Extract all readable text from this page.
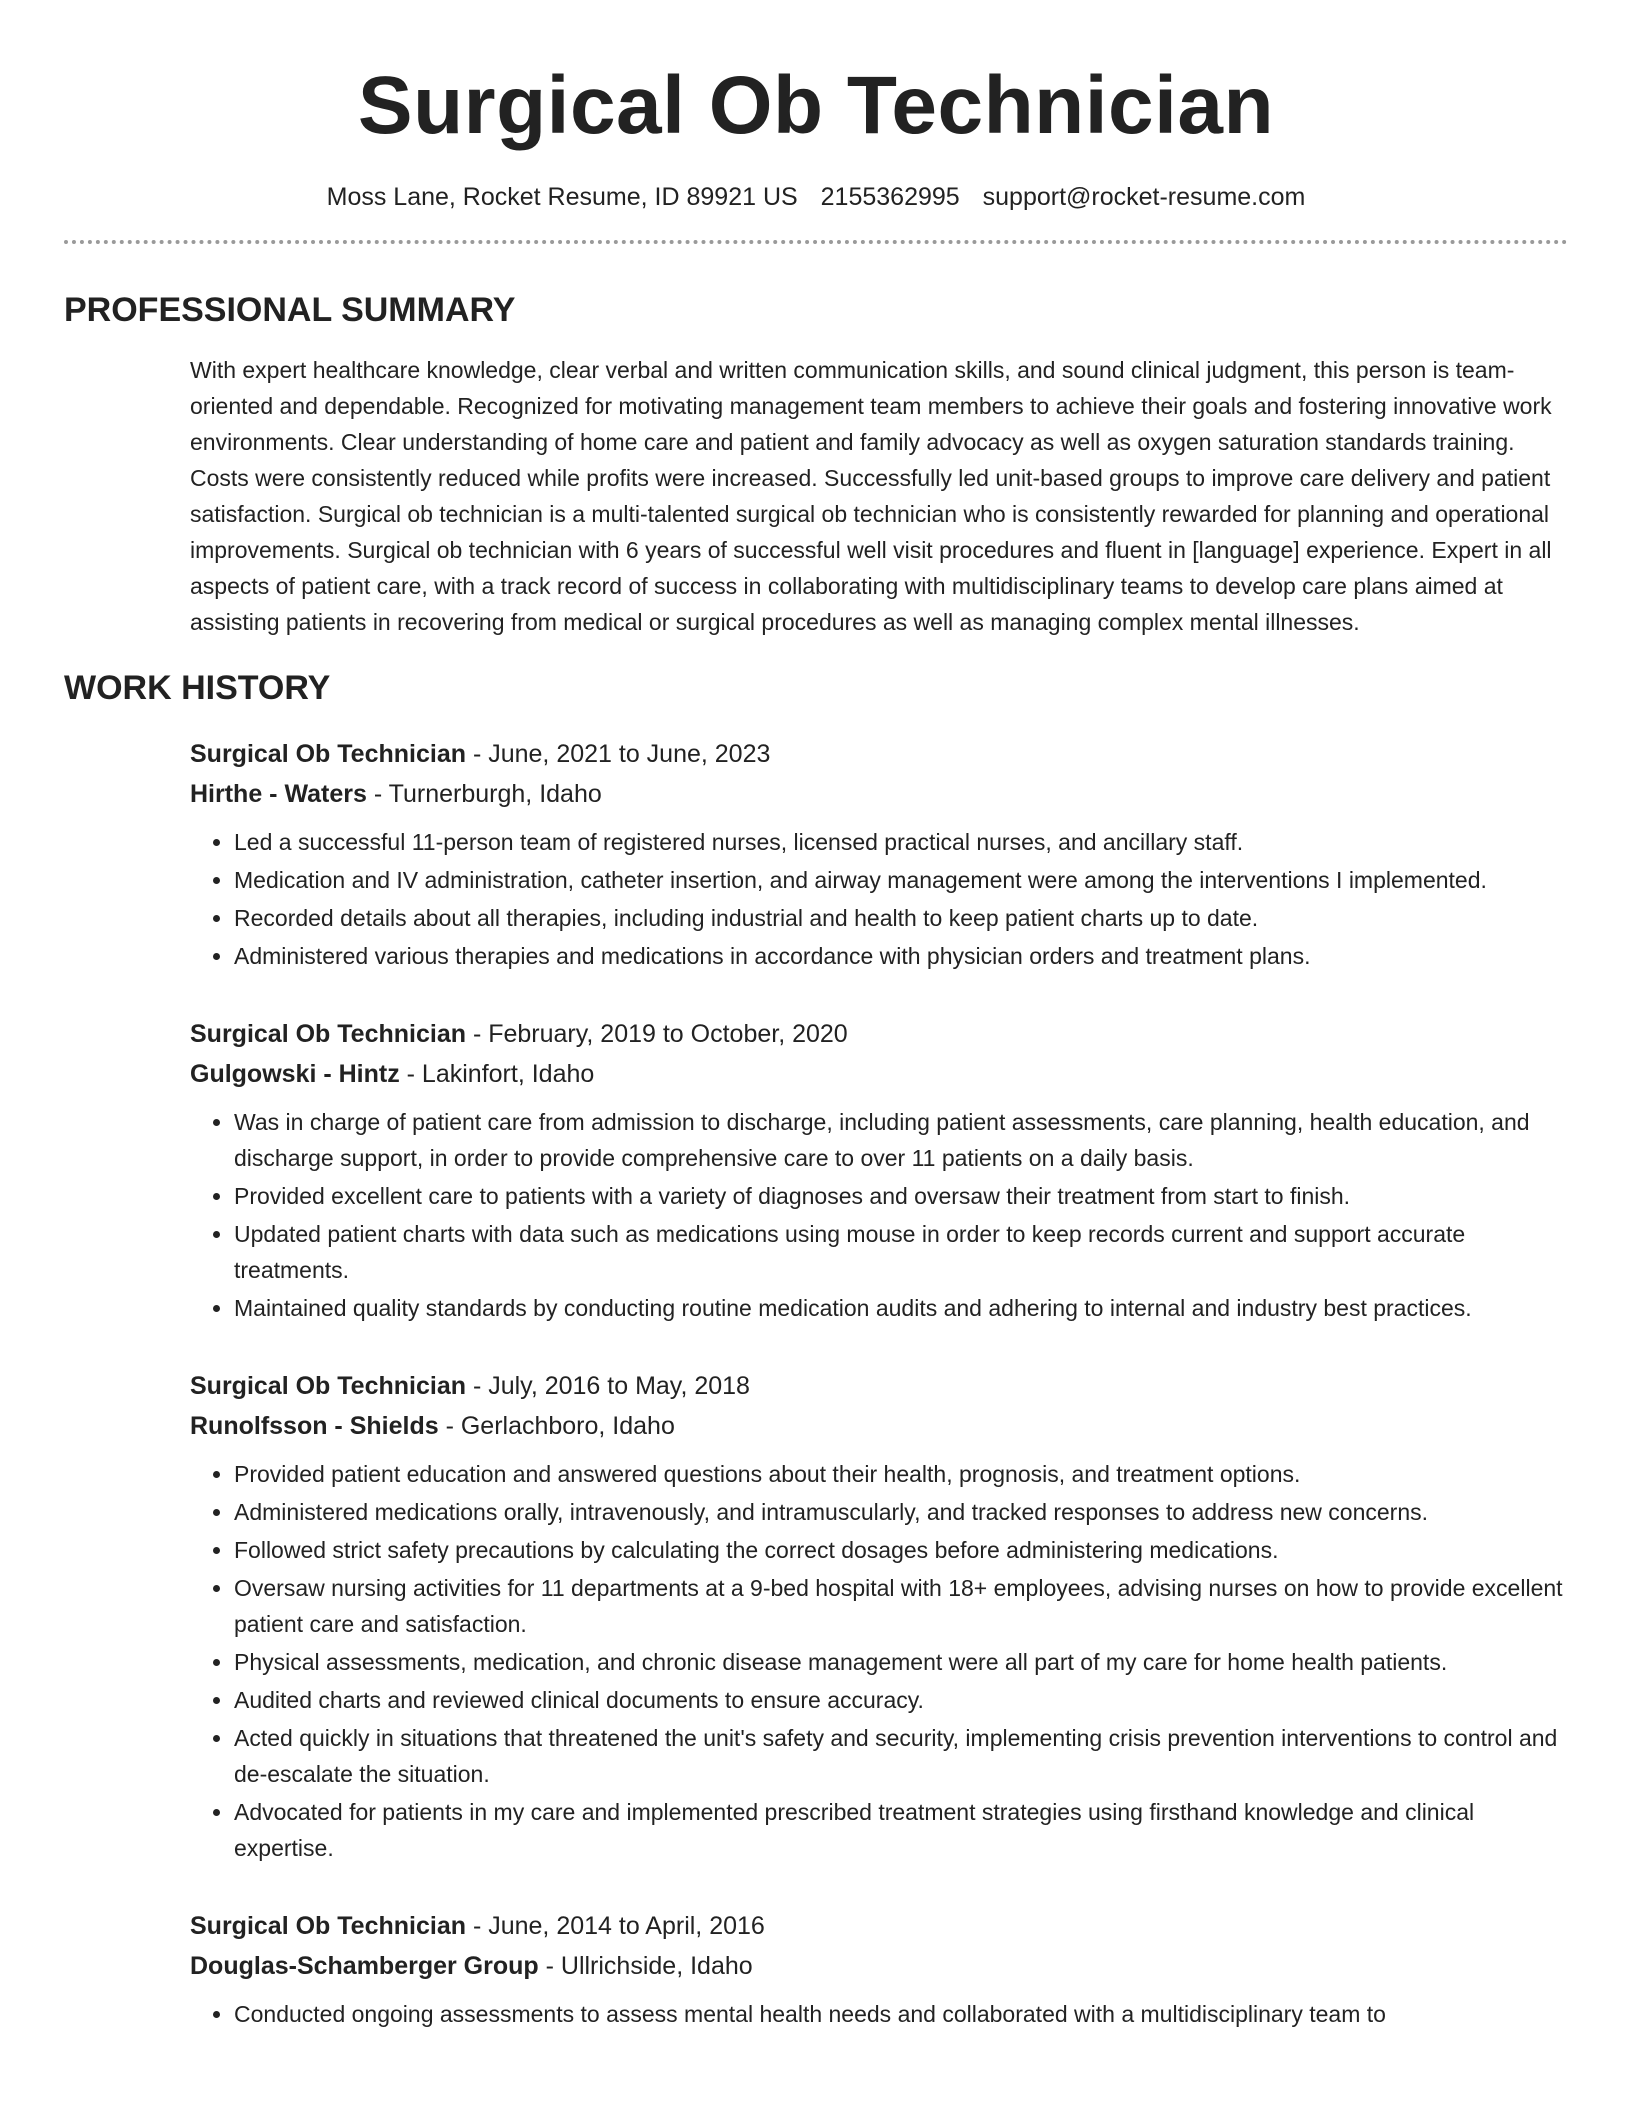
Surgical Ob Technician
Moss Lane, Rocket Resume, ID 89921 US 2155362995 support@rocket-resume.com
PROFESSIONAL SUMMARY

With expert healthcare knowledge, clear verbal and written communication skills, and sound clinical judgment, this person is team-oriented and dependable. Recognized for motivating management team members to achieve their goals and fostering innovative work environments. Clear understanding of home care and patient and family advocacy as well as oxygen saturation standards training. Costs were consistently reduced while profits were increased. Successfully led unit-based groups to improve care delivery and patient satisfaction. Surgical ob technician is a multi-talented surgical ob technician who is consistently rewarded for planning and operational improvements. Surgical ob technician with 6 years of successful well visit procedures and fluent in [language] experience. Expert in all aspects of patient care, with a track record of success in collaborating with multidisciplinary teams to develop care plans aimed at assisting patients in recovering from medical or surgical procedures as well as managing complex mental illnesses.

WORK HISTORY
Surgical Ob Technician - June, 2021 to June, 2023
Hirthe - Waters - Turnerburgh, Idaho
• Led a successful 11-person team of registered nurses, licensed practical nurses, and ancillary staff.
• Medication and IV administration, catheter insertion, and airway management were among the interventions I implemented.
• Recorded details about all therapies, including industrial and health to keep patient charts up to date.
• Administered various therapies and medications in accordance with physician orders and treatment plans.
Surgical Ob Technician - February, 2019 to October, 2020
Gulgowski - Hintz - Lakinfort, Idaho
• Was in charge of patient care from admission to discharge, including patient assessments, care planning, health education, and discharge support, in order to provide comprehensive care to over 11 patients on a daily basis.
• Provided excellent care to patients with a variety of diagnoses and oversaw their treatment from start to finish.
• Updated patient charts with data such as medications using mouse in order to keep records current and support accurate treatments.
• Maintained quality standards by conducting routine medication audits and adhering to internal and industry best practices.
Surgical Ob Technician - July, 2016 to May, 2018
Runolfsson - Shields - Gerlachboro, Idaho
• Provided patient education and answered questions about their health, prognosis, and treatment options.
• Administered medications orally, intravenously, and intramuscularly, and tracked responses to address new concerns.
• Followed strict safety precautions by calculating the correct dosages before administering medications.
• Oversaw nursing activities for 11 departments at a 9-bed hospital with 18+ employees, advising nurses on how to provide excellent patient care and satisfaction.
• Physical assessments, medication, and chronic disease management were all part of my care for home health patients.
• Audited charts and reviewed clinical documents to ensure accuracy.
• Acted quickly in situations that threatened the unit's safety and security, implementing crisis prevention interventions to control and de-escalate the situation.
• Advocated for patients in my care and implemented prescribed treatment strategies using firsthand knowledge and clinical expertise.
Surgical Ob Technician - June, 2014 to April, 2016
Douglas-Schamberger Group - Ullrichside, Idaho
• Conducted ongoing assessments to assess mental health needs and collaborated with a multidisciplinary team to
